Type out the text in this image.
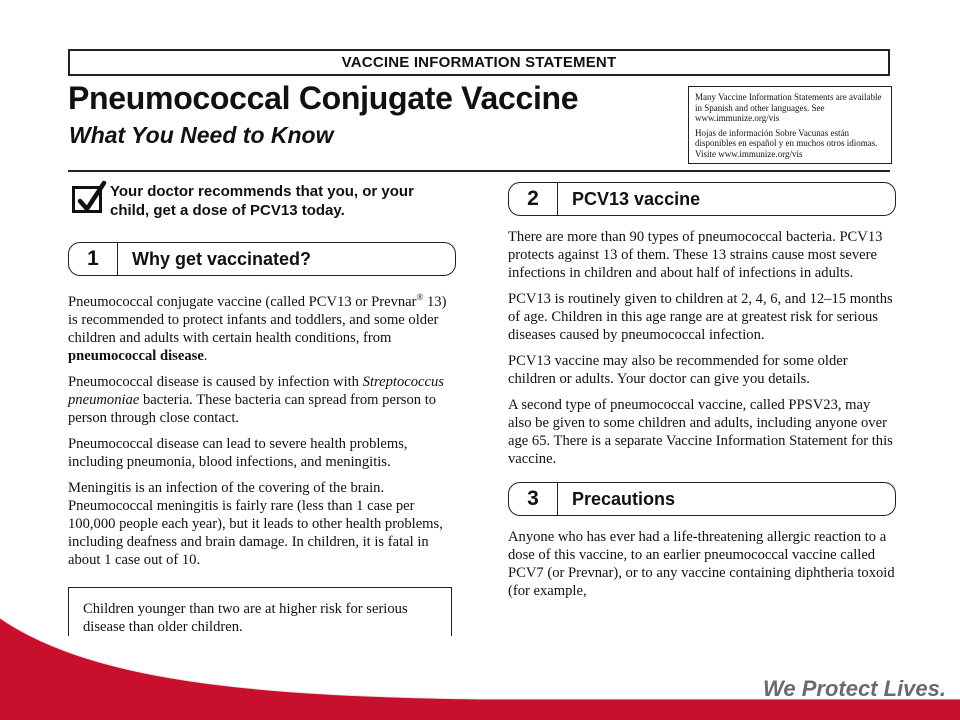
VACCINE INFORMATION STATEMENT
Pneumococcal Conjugate Vaccine
What You Need to Know

Many Vaccine Information Statements are available in Spanish and other languages. See www.immunize.org/vis

Hojas de información Sobre Vacunas están disponibles en español y en muchos otros idiomas. Visite www.immunize.org/vis

Your doctor recommends that you, or your child, get a dose of PCV13 today.
1	Why get vaccinated?

Pneumococcal conjugate vaccine (called PCV13 or Prevnar® 13) is recommended to protect infants and toddlers, and some older children and adults with certain health conditions, from pneumococcal disease.

Pneumococcal disease is caused by infection with Streptococcus pneumoniae bacteria. These bacteria can spread from person to person through close contact.

Pneumococcal disease can lead to severe health problems, including pneumonia, blood infections, and meningitis.

Meningitis is an infection of the covering of the brain. Pneumococcal meningitis is fairly rare (less than 1 case per 100,000 people each year), but it leads to other health problems, including deafness and brain damage. In children, it is fatal in about 1 case out of 10.

Children younger than two are at higher risk for serious disease than older children.
2	PCV13 vaccine

There are more than 90 types of pneumococcal bacteria. PCV13 protects against 13 of them. These 13 strains cause most severe infections in children and about half of infections in adults.

PCV13 is routinely given to children at 2, 4, 6, and 12–15 months of age. Children in this age range are at greatest risk for serious diseases caused by pneumococcal infection.

PCV13 vaccine may also be recommended for some older children or adults. Your doctor can give you details.

A second type of pneumococcal vaccine, called PPSV23, may also be given to some children and adults, including anyone over age 65. There is a separate Vaccine Information Statement for this vaccine.

3	Precautions

Anyone who has ever had a life-threatening allergic reaction to a dose of this vaccine, to an earlier pneumococcal vaccine called PCV7 (or Prevnar), or to any vaccine containing diphtheria toxoid (for example,

We Protect Lives.
